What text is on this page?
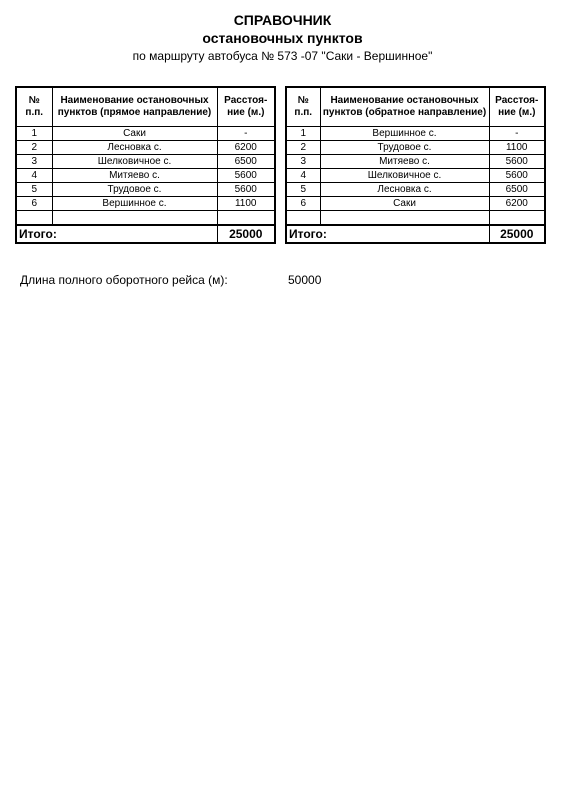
СПРАВОЧНИК
остановочных пунктов
по маршруту автобуса № 573 -07 "Саки - Вершинное"
№ п.п.	Наименование остановочных пунктов (прямое направление)	Расстоя-ние (м.)
1	Саки	-
2	Лесновка с.	6200
3	Шелковичное с.	6500
4	Митяево с.	5600
5	Трудовое с.	5600
6	Вершинное с.	1100

Итого:		25000
№ п.п.	Наименование остановочных пунктов (обратное направление)	Расстоя-ние (м.)
1	Вершинное с.	-
2	Трудовое с.	1100
3	Митяево с.	5600
4	Шелковичное с.	5600
5	Лесновка с.	6500
6	Саки	6200

Итого:		25000
Длина полного оборотного рейса (м):	50000
